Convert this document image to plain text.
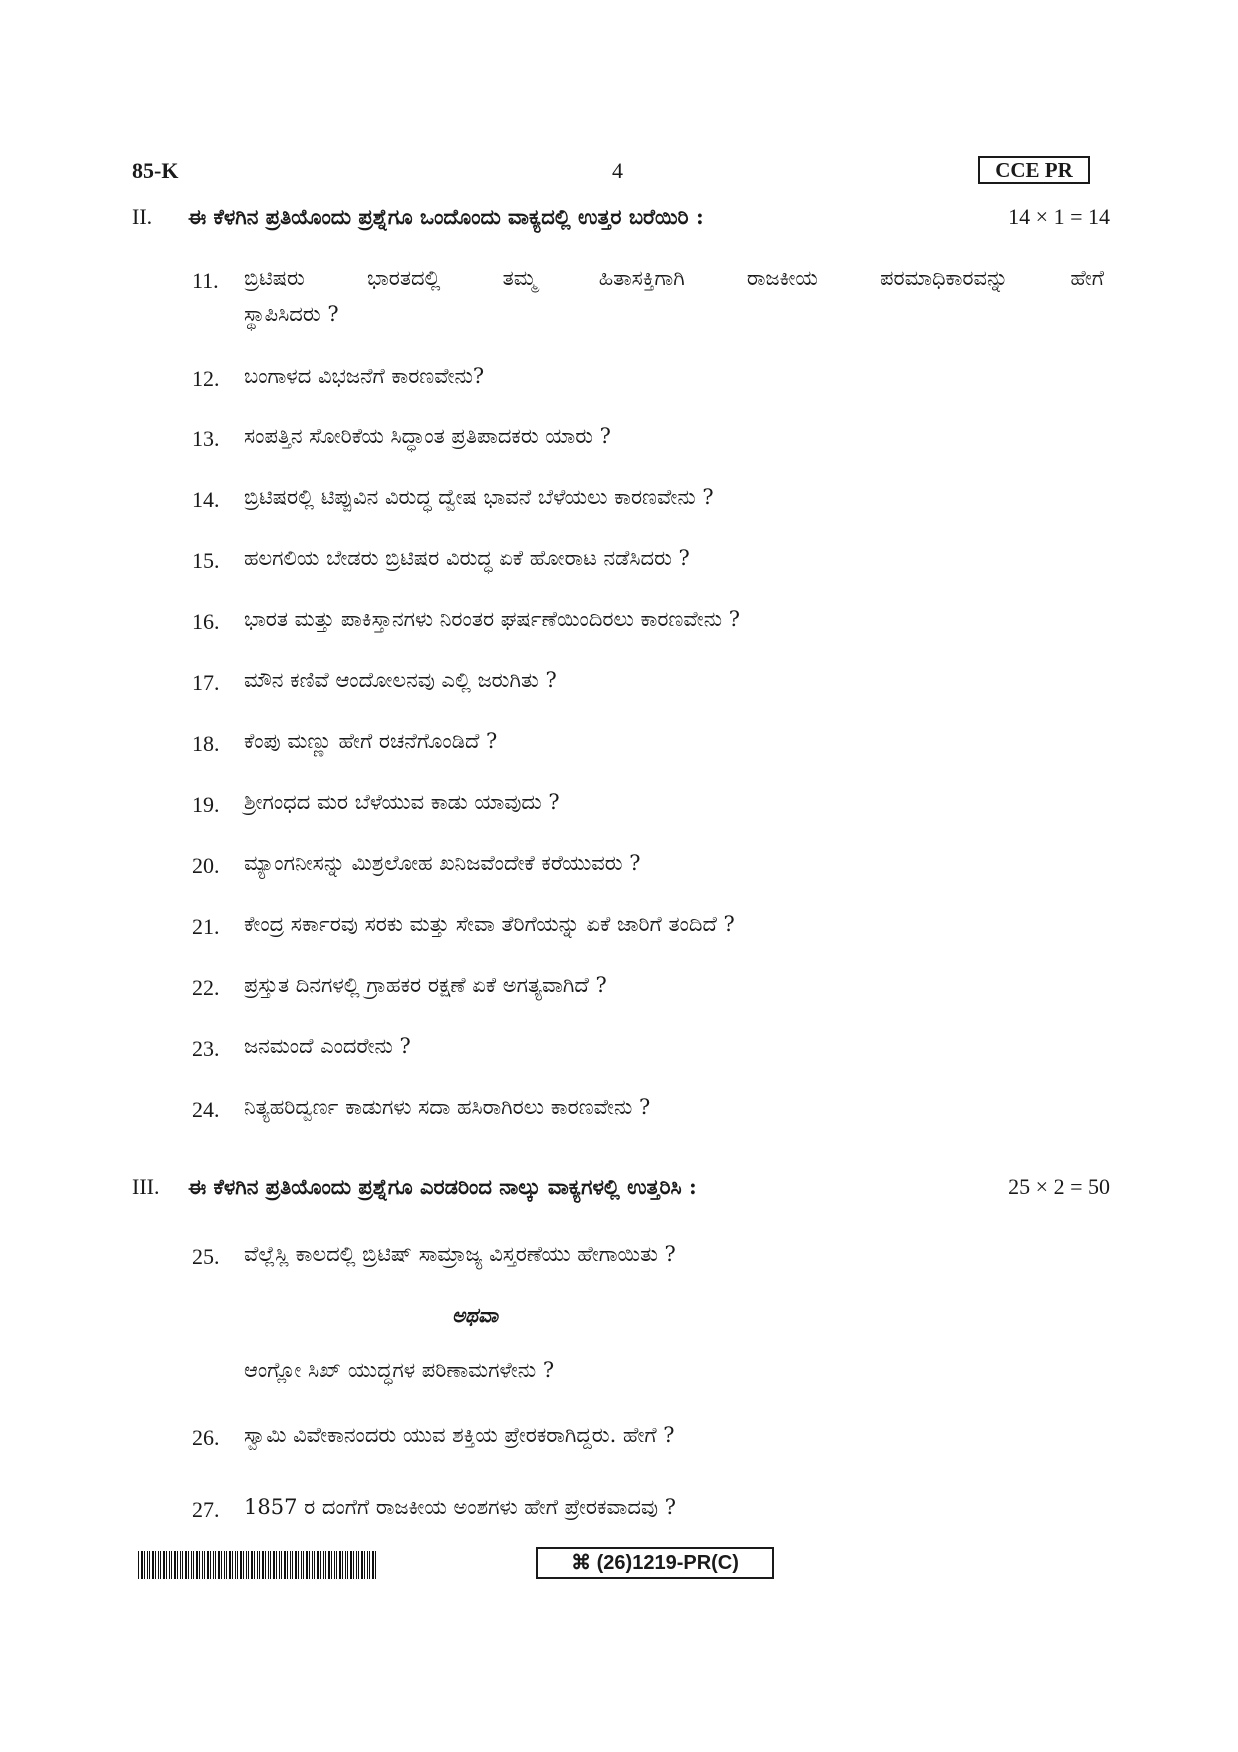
85-K	4	CCE PR
II. ಈ ಕೆಳಗಿನ ಪ್ರತಿಯೊಂದು ಪ್ರಶ್ನೆಗೂ ಒಂದೊಂದು ವಾಕ್ಯದಲ್ಲಿ ಉತ್ತರ ಬರೆಯಿರಿ :	14 × 1 = 14
11.	ಬ್ರಿಟಿಷರು ಭಾರತದಲ್ಲಿ ತಮ್ಮ ಹಿತಾಸಕ್ತಿಗಾಗಿ ರಾಜಕೀಯ ಪರಮಾಧಿಕಾರವನ್ನು ಹೇಗೆ
ಸ್ಥಾಪಿಸಿದರು ?
12.	ಬಂಗಾಳದ ವಿಭಜನೆಗೆ ಕಾರಣವೇನು?
13.	ಸಂಪತ್ತಿನ ಸೋರಿಕೆಯ ಸಿದ್ಧಾಂತ ಪ್ರತಿಪಾದಕರು ಯಾರು ?
14.	ಬ್ರಿಟಿಷರಲ್ಲಿ ಟಿಪ್ಪುವಿನ ವಿರುದ್ಧ ದ್ವೇಷ ಭಾವನೆ ಬೆಳೆಯಲು ಕಾರಣವೇನು ?
15.	ಹಲಗಲಿಯ ಬೇಡರು ಬ್ರಿಟಿಷರ ವಿರುದ್ಧ ಏಕೆ ಹೋರಾಟ ನಡೆಸಿದರು ?
16.	ಭಾರತ ಮತ್ತು ಪಾಕಿಸ್ತಾನಗಳು ನಿರಂತರ ಘರ್ಷಣೆಯಿಂದಿರಲು ಕಾರಣವೇನು ?
17.	ಮೌನ ಕಣಿವೆ ಆಂದೋಲನವು ಎಲ್ಲಿ ಜರುಗಿತು ?
18.	ಕೆಂಪು ಮಣ್ಣು ಹೇಗೆ ರಚನೆಗೊಂಡಿದೆ ?
19.	ಶ್ರೀಗಂಧದ ಮರ ಬೆಳೆಯುವ ಕಾಡು ಯಾವುದು ?
20.	ಮ್ಯಾಂಗನೀಸನ್ನು ಮಿಶ್ರಲೋಹ ಖನಿಜವೆಂದೇಕೆ ಕರೆಯುವರು ?
21.	ಕೇಂದ್ರ ಸರ್ಕಾರವು ಸರಕು ಮತ್ತು ಸೇವಾ ತೆರಿಗೆಯನ್ನು ಏಕೆ ಜಾರಿಗೆ ತಂದಿದೆ ?
22.	ಪ್ರಸ್ತುತ ದಿನಗಳಲ್ಲಿ ಗ್ರಾಹಕರ ರಕ್ಷಣೆ ಏಕೆ ಅಗತ್ಯವಾಗಿದೆ ?
23.	ಜನಮಂದೆ ಎಂದರೇನು ?
24.	ನಿತ್ಯಹರಿದ್ವರ್ಣ ಕಾಡುಗಳು ಸದಾ ಹಸಿರಾಗಿರಲು ಕಾರಣವೇನು ?
III. ಈ ಕೆಳಗಿನ ಪ್ರತಿಯೊಂದು ಪ್ರಶ್ನೆಗೂ ಎರಡರಿಂದ ನಾಲ್ಕು ವಾಕ್ಯಗಳಲ್ಲಿ ಉತ್ತರಿಸಿ :	25 × 2 = 50
25.	ವೆಲ್ಲೆಸ್ಲಿ ಕಾಲದಲ್ಲಿ ಬ್ರಿಟಿಷ್ ಸಾಮ್ರಾಜ್ಯ ವಿಸ್ತರಣೆಯು ಹೇಗಾಯಿತು ?
ಅಥವಾ
ಆಂಗ್ಲೋ ಸಿಖ್ ಯುದ್ಧಗಳ ಪರಿಣಾಮಗಳೇನು ?
26.	ಸ್ವಾಮಿ ವಿವೇಕಾನಂದರು ಯುವ ಶಕ್ತಿಯ ಪ್ರೇರಕರಾಗಿದ್ದರು. ಹೇಗೆ ?
27.	1857 ರ ದಂಗೆಗೆ ರಾಜಕೀಯ ಅಂಶಗಳು ಹೇಗೆ ಪ್ರೇರಕವಾದವು ?
⌘ (26)1219-PR(C)
